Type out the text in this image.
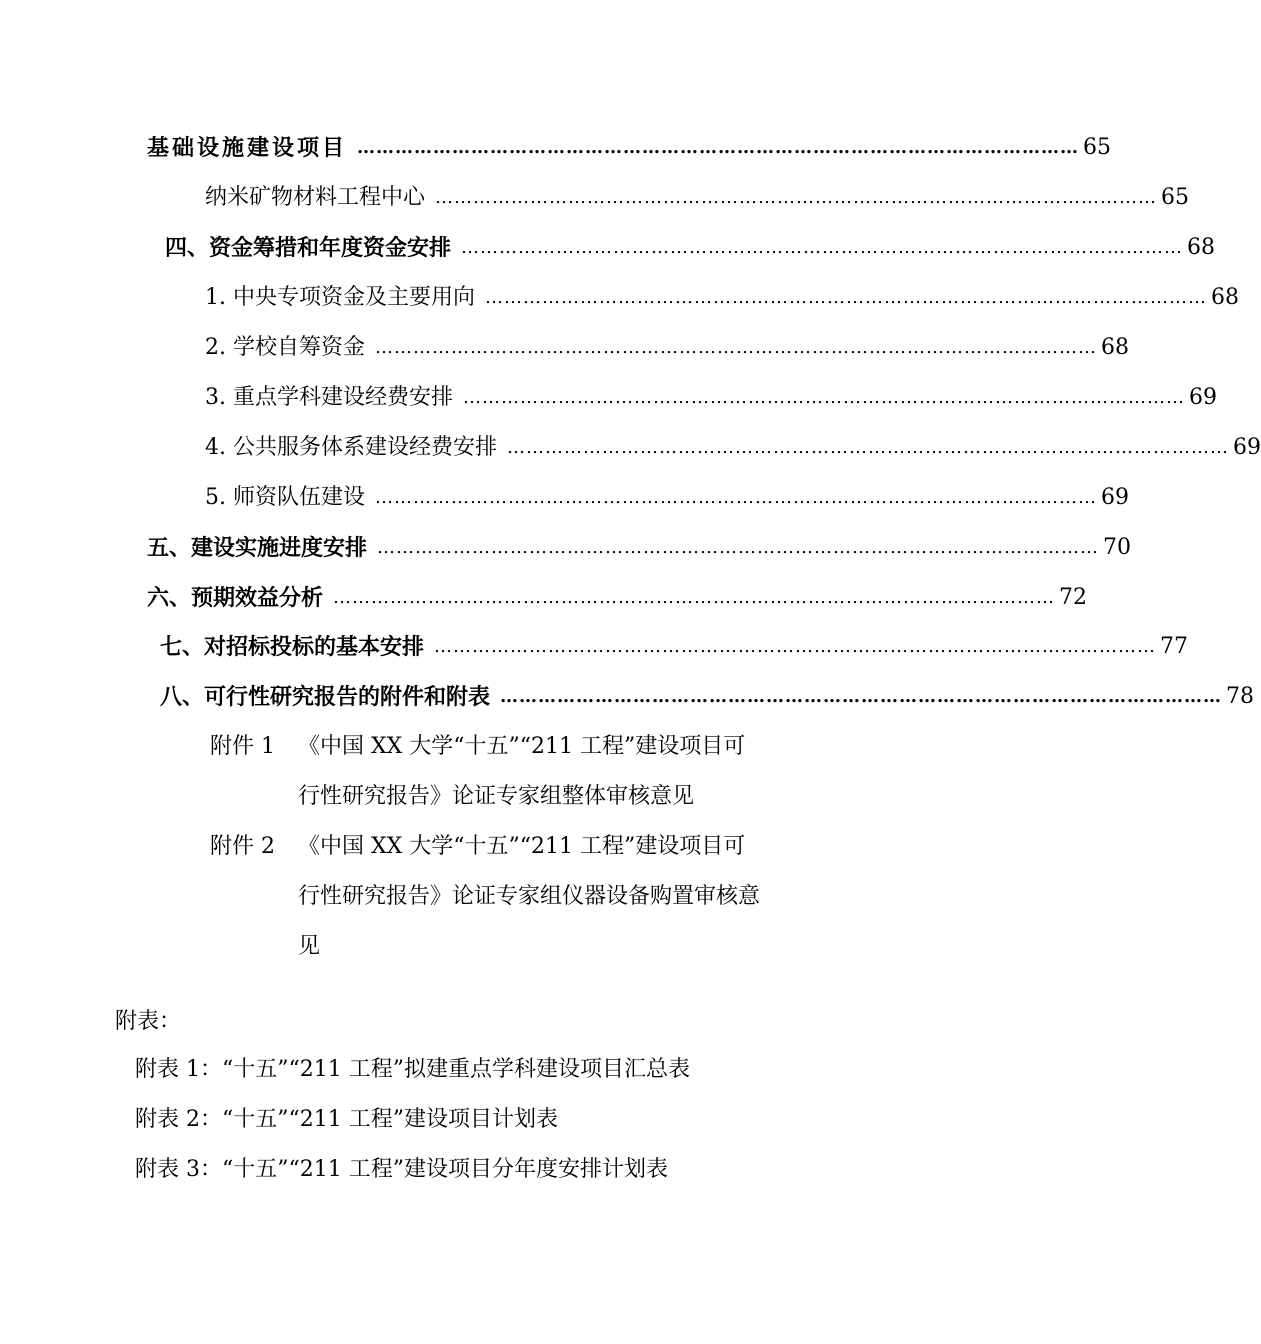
基础设施建设项目 …………………………………………………………………………………………………… 65
纳米矿物材料工程中心 …………………………………………………………………………………………………… 65
四、资金筹措和年度资金安排 …………………………………………………………………………………………………… 68
1. 中央专项资金及主要用向 …………………………………………………………………………………………………… 68
2. 学校自筹资金 …………………………………………………………………………………………………… 68
3. 重点学科建设经费安排 …………………………………………………………………………………………………… 69
4. 公共服务体系建设经费安排 …………………………………………………………………………………………………… 69
5. 师资队伍建设 …………………………………………………………………………………………………… 69
五、建设实施进度安排 …………………………………………………………………………………………………… 70
六、预期效益分析 …………………………………………………………………………………………………… 72
七、对招标投标的基本安排 …………………………………………………………………………………………………… 77
八、可行性研究报告的附件和附表 …………………………………………………………………………………………………… 78
附件 1 《中国 XX 大学“十五”“211 工程”建设项目可
行性研究报告》论证专家组整体审核意见
附件 2 《中国 XX 大学“十五”“211 工程”建设项目可
行性研究报告》论证专家组仪器设备购置审核意
见
附表：
附表 1：“十五”“211 工程”拟建重点学科建设项目汇总表
附表 2：“十五”“211 工程”建设项目计划表
附表 3：“十五”“211 工程”建设项目分年度安排计划表
